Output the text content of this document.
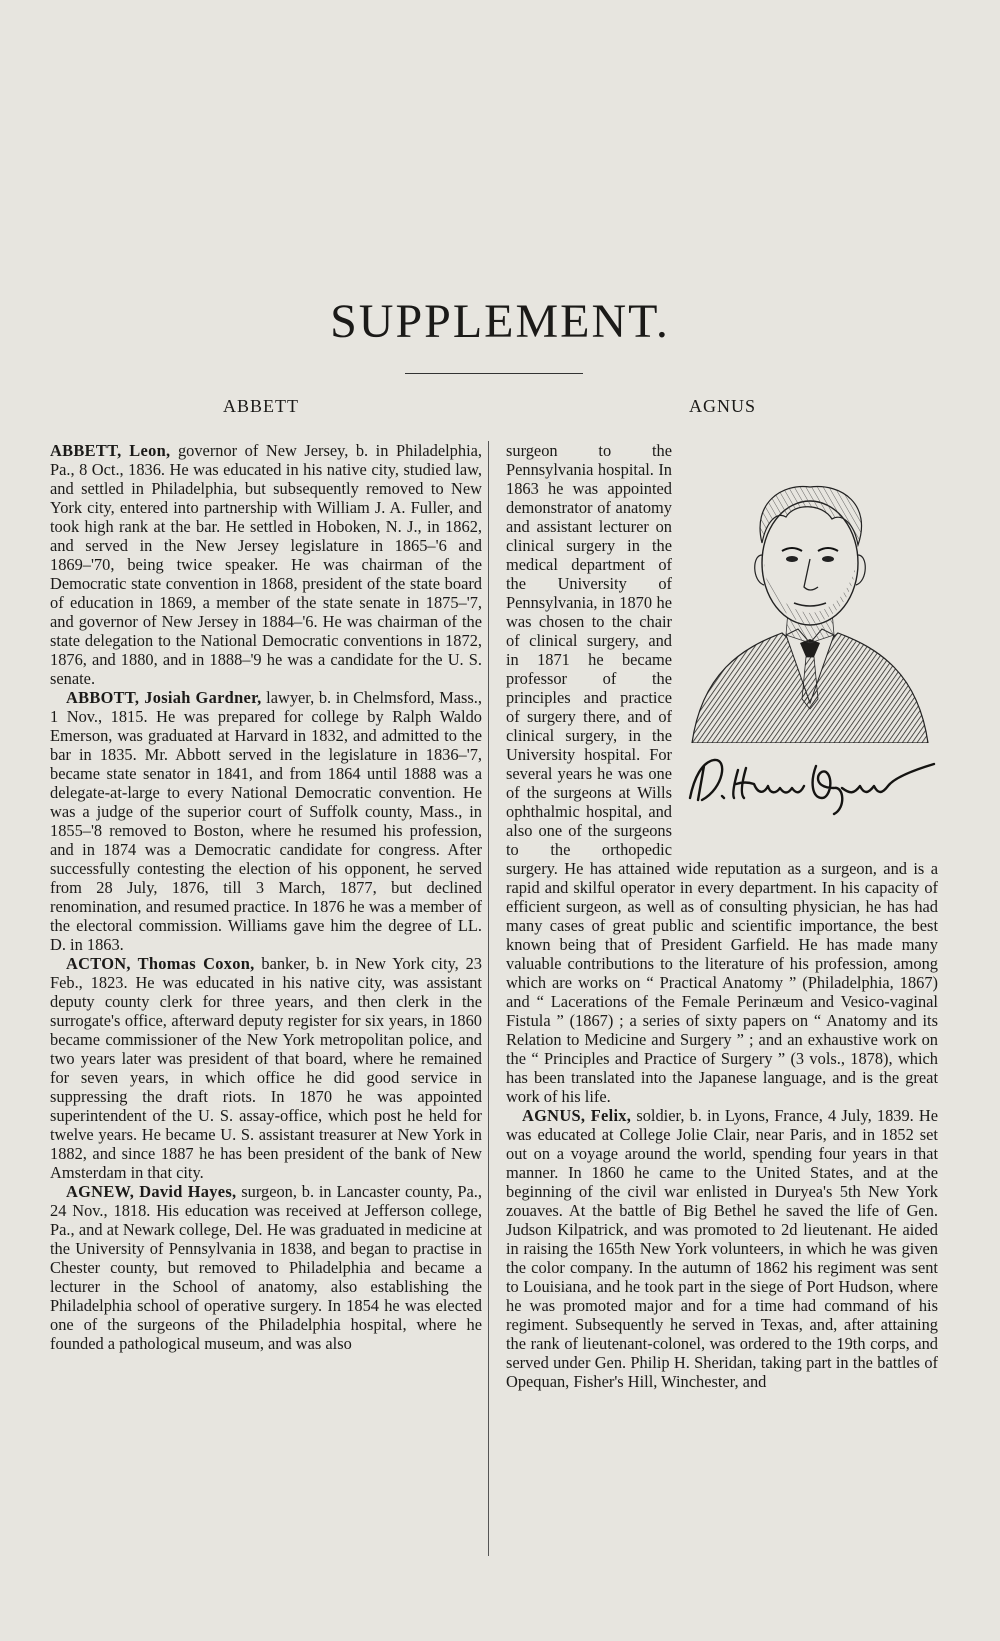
SUPPLEMENT.
ABBETT	AGNUS

ABBETT, Leon, governor of New Jersey, b. in Philadelphia, Pa., 8 Oct., 1836. He was educated in his native city, studied law, and settled in Philadelphia, but subsequently removed to New York city, entered into partnership with William J. A. Fuller, and took high rank at the bar. He settled in Hoboken, N. J., in 1862, and served in the New Jersey legislature in 1865–'6 and 1869–'70, being twice speaker. He was chairman of the Democratic state convention in 1868, president of the state board of education in 1869, a member of the state senate in 1875–'7, and governor of New Jersey in 1884–'6. He was chairman of the state delegation to the National Democratic conventions in 1872, 1876, and 1880, and in 1888–'9 he was a candidate for the U. S. senate.

ABBOTT, Josiah Gardner, lawyer, b. in Chelmsford, Mass., 1 Nov., 1815. He was prepared for college by Ralph Waldo Emerson, was graduated at Harvard in 1832, and admitted to the bar in 1835. Mr. Abbott served in the legislature in 1836–'7, became state senator in 1841, and from 1864 until 1888 was a delegate-at-large to every National Democratic convention. He was a judge of the superior court of Suffolk county, Mass., in 1855–'8 removed to Boston, where he resumed his profession, and in 1874 was a Democratic candidate for congress. After successfully contesting the election of his opponent, he served from 28 July, 1876, till 3 March, 1877, but declined renomination, and resumed practice. In 1876 he was a member of the electoral commission. Williams gave him the degree of LL. D. in 1863.

ACTON, Thomas Coxon, banker, b. in New York city, 23 Feb., 1823. He was educated in his native city, was assistant deputy county clerk for three years, and then clerk in the surrogate's office, afterward deputy register for six years, in 1860 became commissioner of the New York metropolitan police, and two years later was president of that board, where he remained for seven years, in which office he did good service in suppressing the draft riots. In 1870 he was appointed superintendent of the U. S. assay-office, which post he held for twelve years. He became U. S. assistant treasurer at New York in 1882, and since 1887 he has been president of the bank of New Amsterdam in that city.

AGNEW, David Hayes, surgeon, b. in Lancaster county, Pa., 24 Nov., 1818. His education was received at Jefferson college, Pa., and at Newark college, Del. He was graduated in medicine at the University of Pennsylvania in 1838, and began to practise in Chester county, but removed to Philadelphia and became a lecturer in the School of anatomy, also establishing the Philadelphia school of operative surgery. In 1854 he was elected one of the surgeons of the Philadelphia hospital, where he founded a pathological museum, and was also

surgeon to the Pennsylvania hospital. In 1863 he was appointed demonstrator of anatomy and assistant lecturer on clinical surgery in the medical department of the University of Pennsylvania, in 1870 he was chosen to the chair of clinical surgery, and in 1871 he became professor of the principles and practice of surgery there, and of clinical surgery, in the University hospital. For several years he was one of the surgeons at Wills ophthalmic hospital, and also one of the surgeons to the orthopedic surgery. He has attained wide reputation as a surgeon, and is a rapid and skilful operator in every department. In his capacity of efficient surgeon, as well as of consulting physician, he has had many cases of great public and scientific importance, the best known being that of President Garfield. He has made many valuable contributions to the literature of his profession, among which are works on “ Practical Anatomy ” (Philadelphia, 1867) and “ Lacerations of the Female Perinæum and Vesico-vaginal Fistula ” (1867) ; a series of sixty papers on “ Anatomy and its Relation to Medicine and Surgery ” ; and an exhaustive work on the “ Principles and Practice of Surgery ” (3 vols., 1878), which has been translated into the Japanese language, and is the great work of his life.

AGNUS, Felix, soldier, b. in Lyons, France, 4 July, 1839. He was educated at College Jolie Clair, near Paris, and in 1852 set out on a voyage around the world, spending four years in that manner. In 1860 he came to the United States, and at the beginning of the civil war enlisted in Duryea's 5th New York zouaves. At the battle of Big Bethel he saved the life of Gen. Judson Kilpatrick, and was promoted to 2d lieutenant. He aided in raising the 165th New York volunteers, in which he was given the color company. In the autumn of 1862 his regiment was sent to Louisiana, and he took part in the siege of Port Hudson, where he was promoted major and for a time had command of his regiment. Subsequently he served in Texas, and, after attaining the rank of lieutenant-colonel, was ordered to the 19th corps, and served under Gen. Philip H. Sheridan, taking part in the battles of Opequan, Fisher's Hill, Winchester, and
